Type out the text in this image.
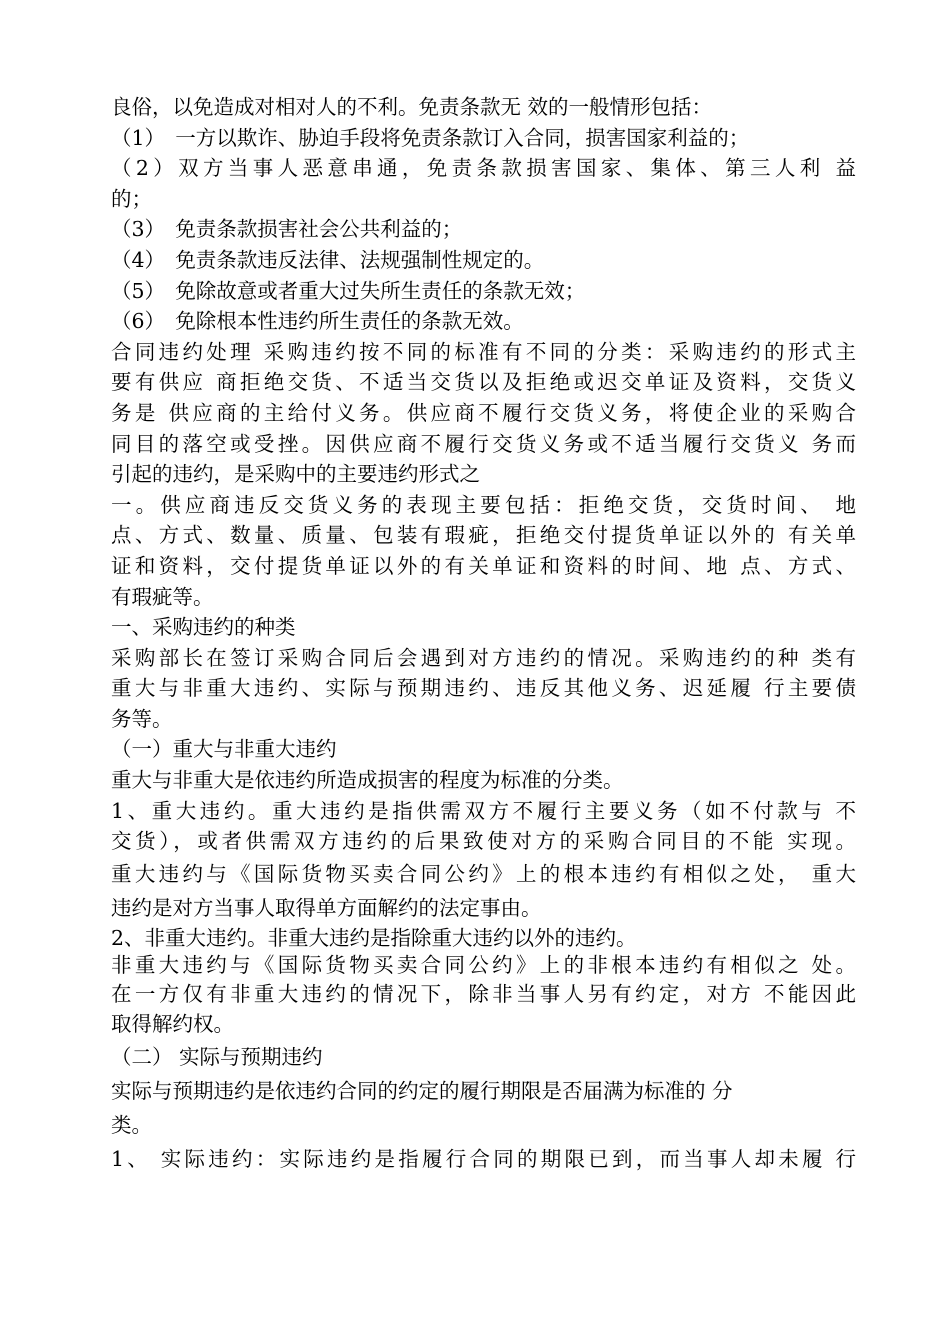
良俗，以免造成对相对人的不利。免责条款无 效的一般情形包括：
（1）　一方以欺诈、胁迫手段将免责条款订入合同，损害国家利益的；
（2）双方当事人恶意串通，免责条款损害国家、集体、第三人利 益
的；
（3）　免责条款损害社会公共利益的；
（4）　免责条款违反法律、法规强制性规定的。
（5）　免除故意或者重大过失所生责任的条款无效；
（6）　免除根本性违约所生责任的条款无效。
合同违约处理 采购违约按不同的标准有不同的分类：采购违约的形式主
要有供应 商拒绝交货、不适当交货以及拒绝或迟交单证及资料，交货义
务是 供应商的主给付义务。供应商不履行交货义务，将使企业的采购合
同目的落空或受挫。因供应商不履行交货义务或不适当履行交货义 务而
引起的违约，是采购中的主要违约形式之
一。供应商违反交货义务的表现主要包括：拒绝交货，交货时间、 地
点、方式、数量、质量、包装有瑕疵，拒绝交付提货单证以外的 有关单
证和资料，交付提货单证以外的有关单证和资料的时间、地 点、方式、
有瑕疵等。
一、采购违约的种类
采购部长在签订采购合同后会遇到对方违约的情况。采购违约的种 类有
重大与非重大违约、实际与预期违约、违反其他义务、迟延履 行主要债
务等。
（一）重大与非重大违约
重大与非重大是依违约所造成损害的程度为标准的分类。
1、重大违约。重大违约是指供需双方不履行主要义务（如不付款与 不
交货），或者供需双方违约的后果致使对方的采购合同目的不能 实现。
重大违约与《国际货物买卖合同公约》上的根本违约有相似之处， 重大
违约是对方当事人取得单方面解约的法定事由。
2、非重大违约。非重大违约是指除重大违约以外的违约。
非重大违约与《国际货物买卖合同公约》上的非根本违约有相似之 处。
在一方仅有非重大违约的情况下，除非当事人另有约定，对方 不能因此
取得解约权。
（二） 实际与预期违约
实际与预期违约是依违约合同的约定的履行期限是否届满为标准的 分
类。
1、 实际违约：实际违约是指履行合同的期限已到，而当事人却未履 行
